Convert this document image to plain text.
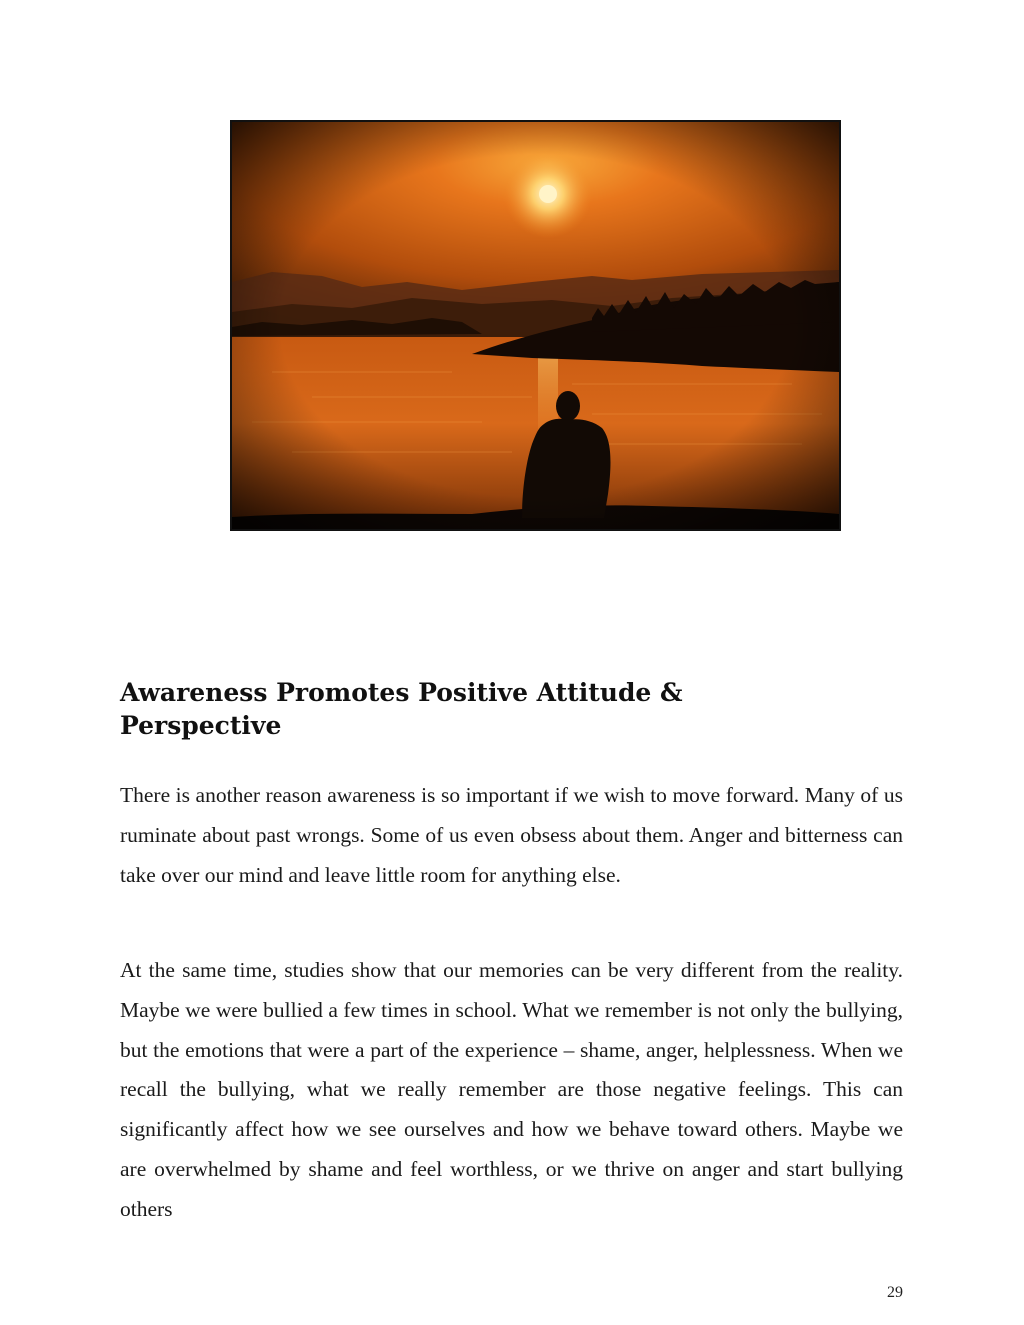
Awareness Promotes Positive Attitude & Perspective

There is another reason awareness is so important if we wish to move forward. Many of us ruminate about past wrongs. Some of us even obsess about them. Anger and bitterness can take over our mind and leave little room for anything else.

At the same time, studies show that our memories can be very different from the reality. Maybe we were bullied a few times in school. What we remember is not only the bullying, but the emotions that were a part of the experience – shame, anger, helplessness. When we recall the bullying, what we really remember are those negative feelings. This can significantly affect how we see ourselves and how we behave toward others. Maybe we are overwhelmed by shame and feel worthless, or we thrive on anger and start bullying others

29
